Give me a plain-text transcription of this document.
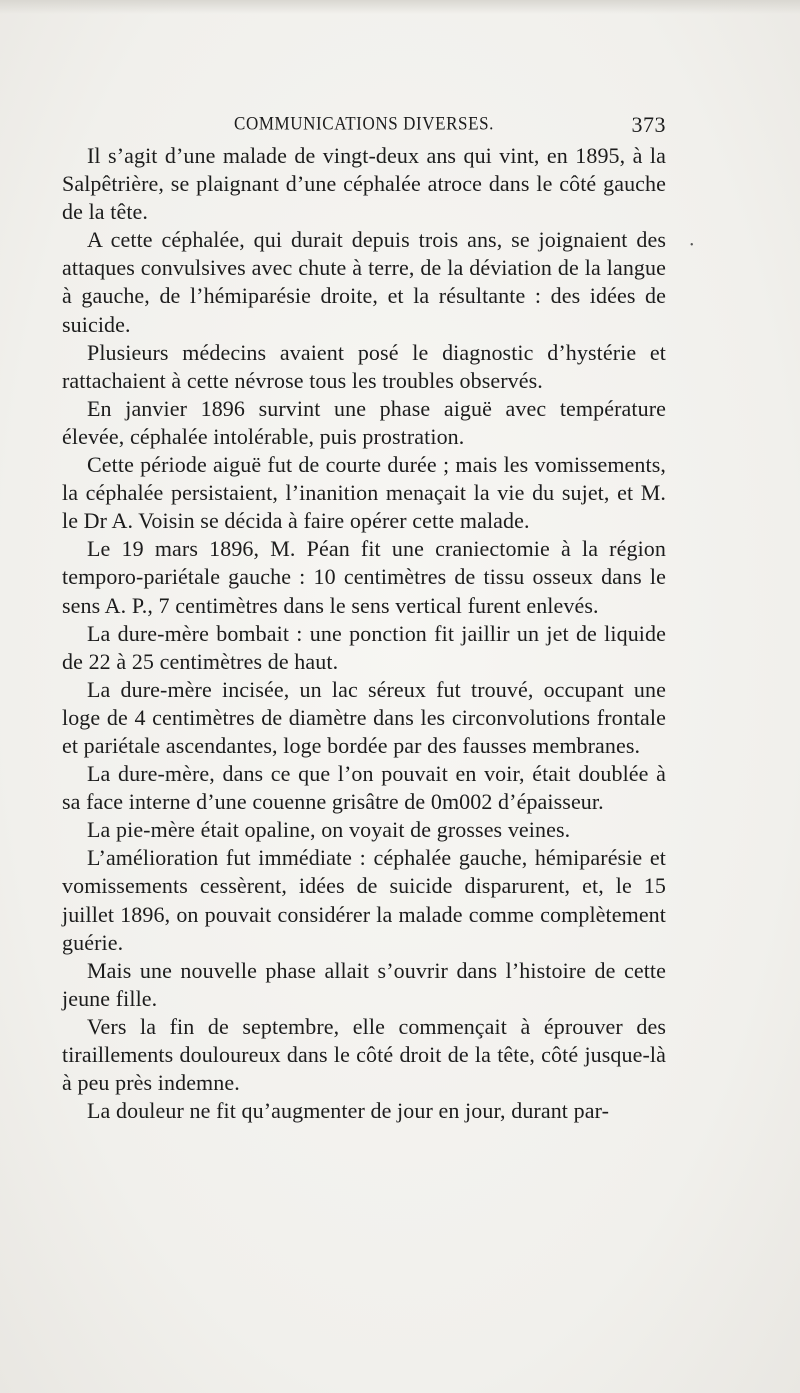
COMMUNICATIONS DIVERSES.	373

Il s’agit d’une malade de vingt-deux ans qui vint, en 1895, à la Salpêtrière, se plaignant d’une céphalée atroce dans le côté gauche de la tête.

A cette céphalée, qui durait depuis trois ans, se joignaient des attaques convulsives avec chute à terre, de la déviation de la langue à gauche, de l’hémiparésie droite, et la résultante : des idées de suicide.

Plusieurs médecins avaient posé le diagnostic d’hystérie et rattachaient à cette névrose tous les troubles observés.

En janvier 1896 survint une phase aiguë avec température élevée, céphalée intolérable, puis prostration.

Cette période aiguë fut de courte durée ; mais les vomissements, la céphalée persistaient, l’inanition menaçait la vie du sujet, et M. le Dr A. Voisin se décida à faire opérer cette malade.

Le 19 mars 1896, M. Péan fit une craniectomie à la région temporo-pariétale gauche : 10 centimètres de tissu osseux dans le sens A. P., 7 centimètres dans le sens vertical furent enlevés.

La dure-mère bombait : une ponction fit jaillir un jet de liquide de 22 à 25 centimètres de haut.

La dure-mère incisée, un lac séreux fut trouvé, occupant une loge de 4 centimètres de diamètre dans les circonvolutions frontale et pariétale ascendantes, loge bordée par des fausses membranes.

La dure-mère, dans ce que l’on pouvait en voir, était doublée à sa face interne d’une couenne grisâtre de 0m002 d’épaisseur.

La pie-mère était opaline, on voyait de grosses veines.

L’amélioration fut immédiate : céphalée gauche, hémiparésie et vomissements cessèrent, idées de suicide disparurent, et, le 15 juillet 1896, on pouvait considérer la malade comme complètement guérie.

Mais une nouvelle phase allait s’ouvrir dans l’histoire de cette jeune fille.

Vers la fin de septembre, elle commençait à éprouver des tiraillements douloureux dans le côté droit de la tête, côté jusque-là à peu près indemne.

La douleur ne fit qu’augmenter de jour en jour, durant par-

•
